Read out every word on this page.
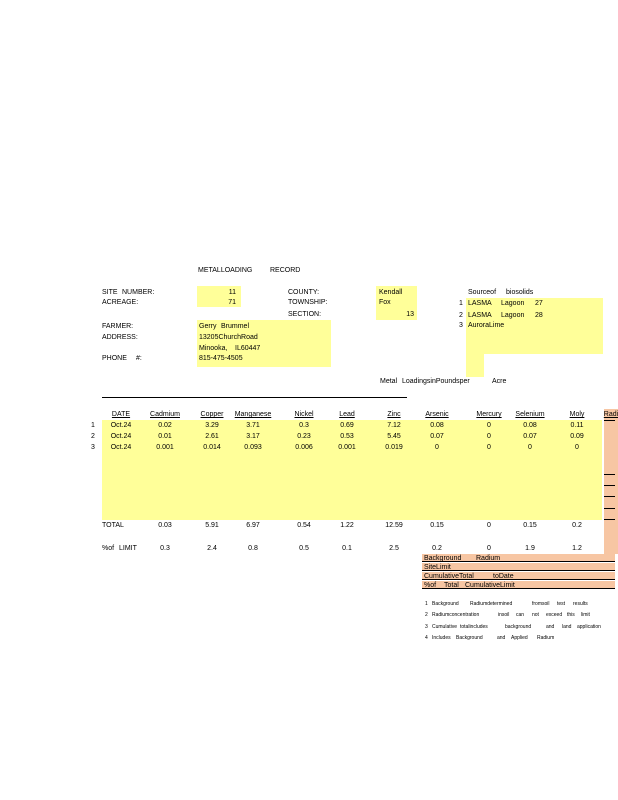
METALLOADING	RECORD
SITE NUMBER:	11
ACREAGE:	71
FARMER:	Gerry Brummel
ADDRESS:	13205ChurchRoad
Minooka, IL60447
PHONE #:	815-475-4505
COUNTY:	Kendall
TOWNSHIP:	Fox
SECTION:	13
Sourceof biosolids
1 LASMA Lagoon 27
2 LASMA Lagoon 28
3 AuroraLime
Metal LoadingsinPoundsper	Acre
DATE	Cadmium	Copper	Manganese	Nickel	Lead	Zinc	Arsenic	Mercury	Selenium	Moly	Radi
1	Oct.24	0.02	3.29	3.71	0.3	0.69	7.12	0.08	0	0.08	0.11
2	Oct.24	0.01	2.61	3.17	0.23	0.53	5.45	0.07	0	0.07	0.09
3	Oct.24	0.001	0.014	0.093	0.006	0.001	0.019	0	0	0	0
TOTAL	0.03	5.91	6.97	0.54	1.22	12.59	0.15	0	0.15	0.2
%of LIMIT	0.3	2.4	0.8	0.5	0.1	2.5	0.2	0	1.9	1.2
Background Radium
SiteLimit
CumulativeTotal	toDate
%of Total CumulativeLimit
1 Background Radiumdetermined	fromsoil test results
2 Radiumconcentration	insoil can not exceed this limit
3 Cumulative totalincludes	background	and land application
4 Includes Background	and Applied Radium
